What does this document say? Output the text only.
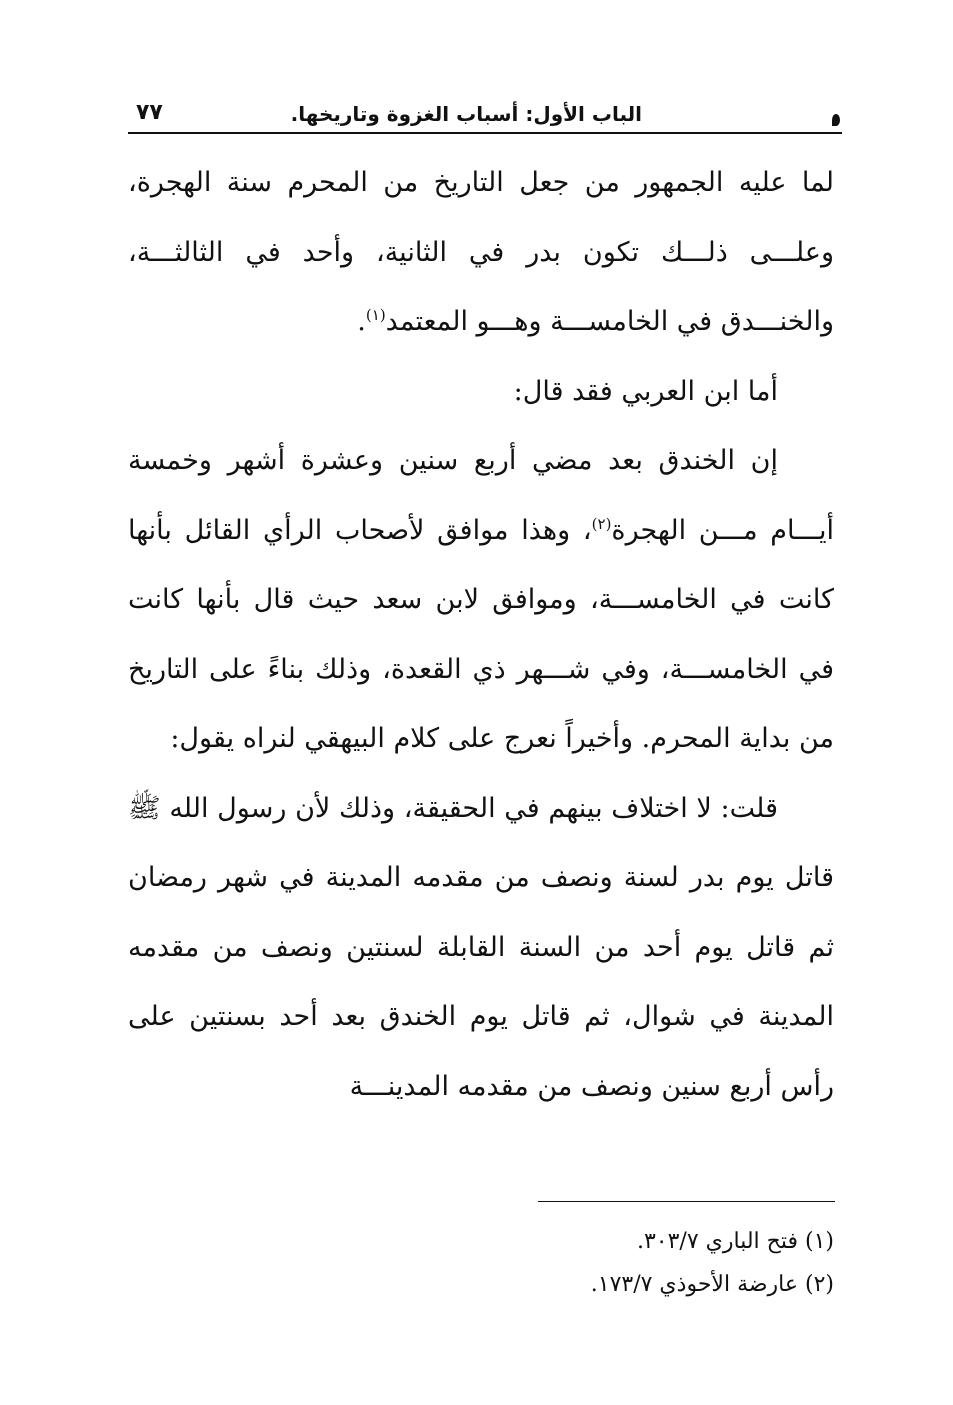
الباب الأول: أسباب الغزوة وتاريخها.
٧٧

لما عليه الجمهور من جعل التاريخ من المحرم سنة الهجرة، وعلـــى ذلـــك تكون بدر في الثانية، وأحد في الثالثـــة، والخنـــدق في الخامســـة وهـــو المعتمد$^{(١)}$.

أما ابن العربي فقد قال:

إن الخندق بعد مضي أربع سنين وعشرة أشهر وخمسة أيـــام مـــن الهجرة$^{(٢)}$، وهذا موافق لأصحاب الرأي القائل بأنها كانت في الخامســـة، وموافق لابن سعد حيث قال بأنها كانت في الخامســـة، وفي شـــهر ذي القعدة، وذلك بناءً على التاريخ من بداية المحرم. وأخيراً نعرج على كلام البيهقي لنراه يقول:

قلت: لا اختلاف بينهم في الحقيقة، وذلك لأن رسول الله ﷺ قاتل يوم بدر لسنة ونصف من مقدمه المدينة في شهر رمضان ثم قاتل يوم أحد من السنة القابلة لسنتين ونصف من مقدمه المدينة في شوال، ثم قاتل يوم الخندق بعد أحد بسنتين على رأس أربع سنين ونصف من مقدمه المدينـــة

(١) فتح الباري ٣٠٣/٧.

(٢) عارضة الأحوذي ١٧٣/٧.
